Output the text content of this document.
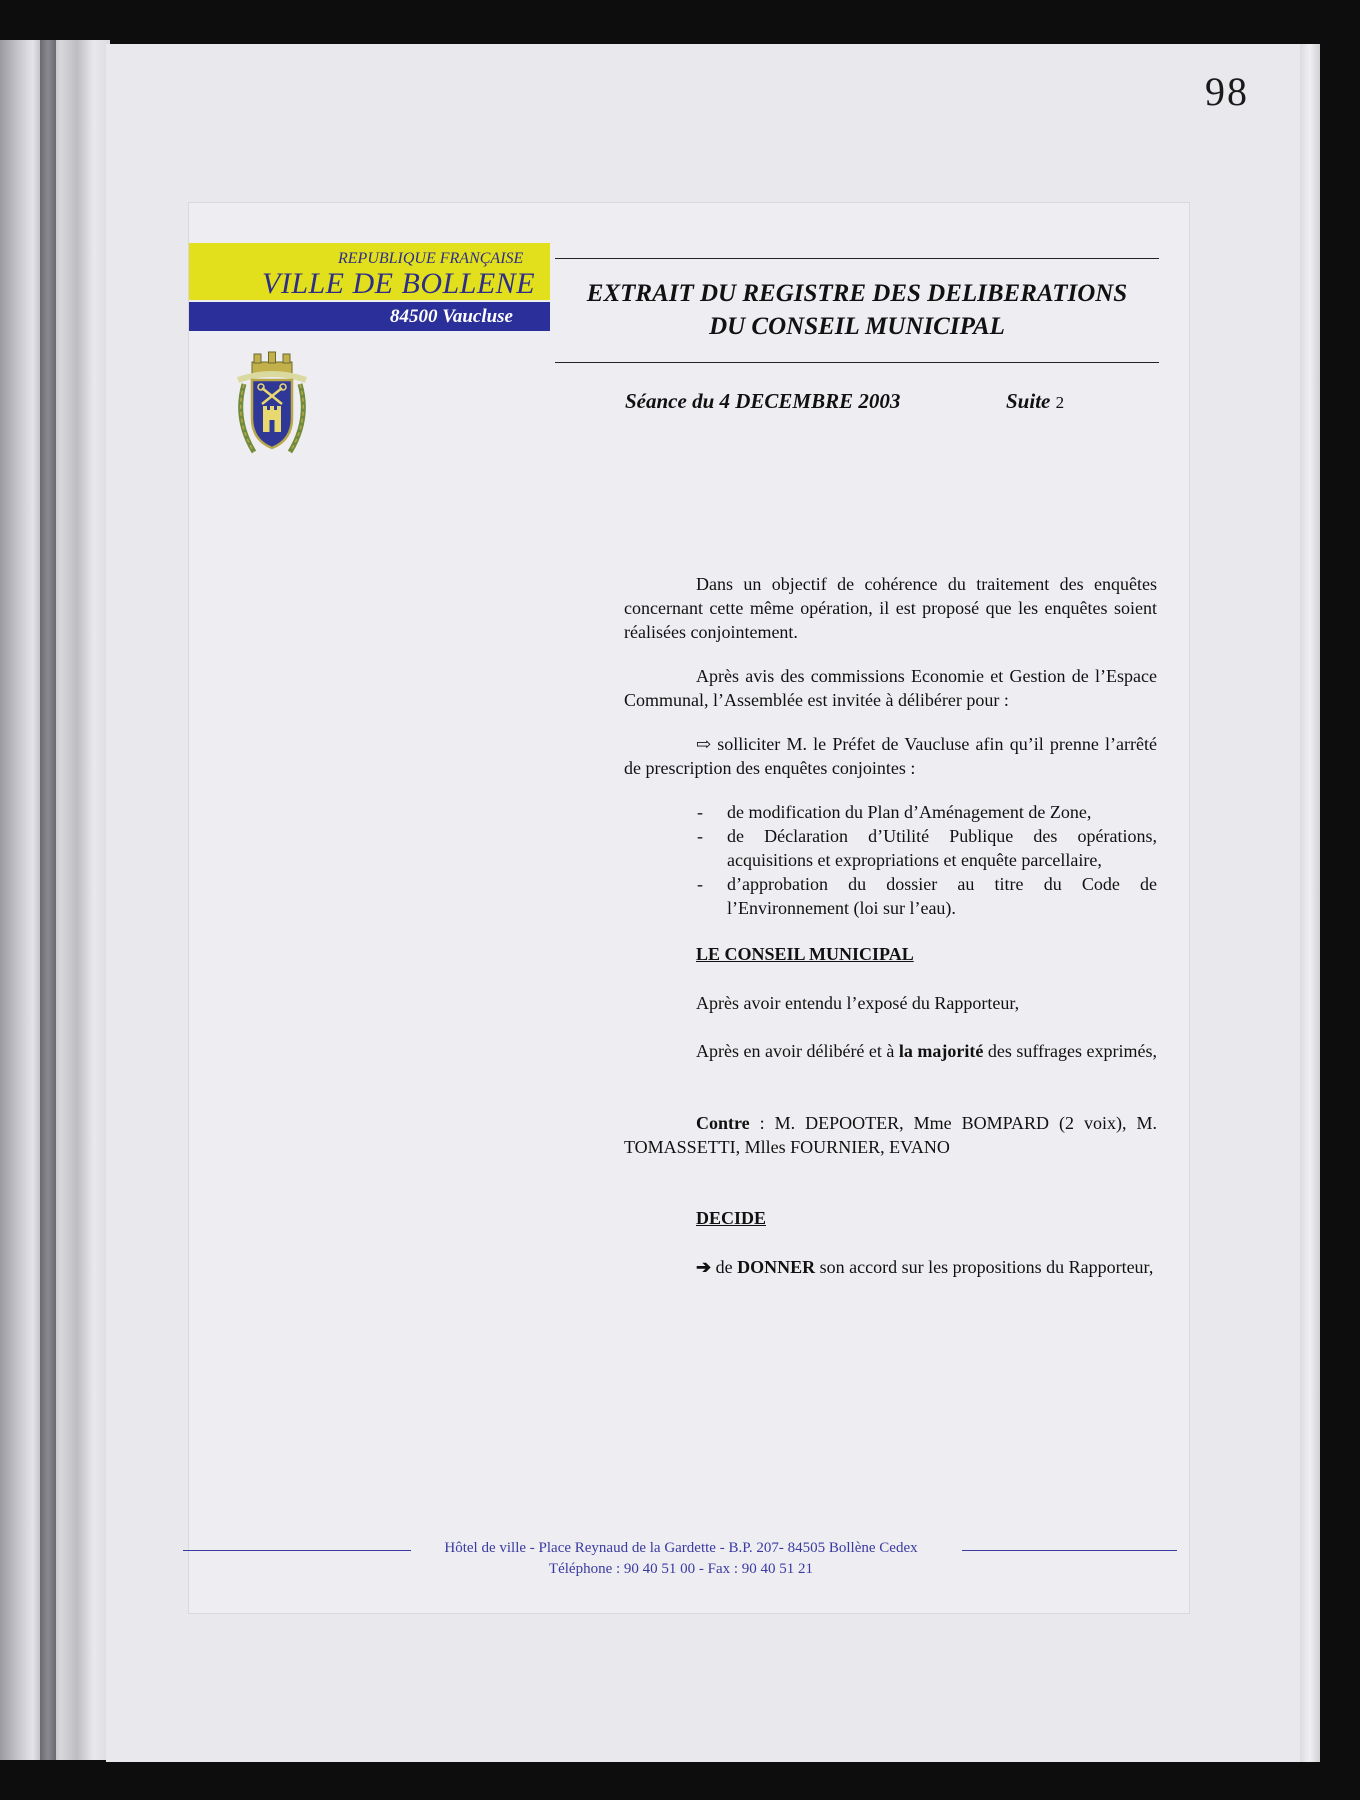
98
REPUBLIQUE FRANÇAISE
VILLE DE BOLLENE
84500 Vaucluse
EXTRAIT DU REGISTRE DES DELIBERATIONS
DU CONSEIL MUNICIPAL
Séance du 4 DECEMBRE 2003	Suite 2
Dans un objectif de cohérence du traitement des enquêtes concernant cette même opération, il est proposé que les enquêtes soient réalisées conjointement.
Après avis des commissions Economie et Gestion de l’Espace Communal, l’Assemblée est invitée à délibérer pour :
⇨ solliciter M. le Préfet de Vaucluse afin qu’il prenne l’arrêté de prescription des enquêtes conjointes :
- de modification du Plan d’Aménagement de Zone,
- de Déclaration d’Utilité Publique des opérations, acquisitions et expropriations et enquête parcellaire,
- d’approbation du dossier au titre du Code de l’Environnement (loi sur l’eau).
LE CONSEIL MUNICIPAL
Après avoir entendu l’exposé du Rapporteur,
Après en avoir délibéré et à la majorité des suffrages exprimés,
Contre : M. DEPOOTER, Mme BOMPARD (2 voix), M. TOMASSETTI, Mlles FOURNIER, EVANO
DECIDE
➔ de DONNER son accord sur les propositions du Rapporteur,
Hôtel de ville - Place Reynaud de la Gardette - B.P. 207- 84505 Bollène Cedex
Téléphone : 90 40 51 00 - Fax : 90 40 51 21
